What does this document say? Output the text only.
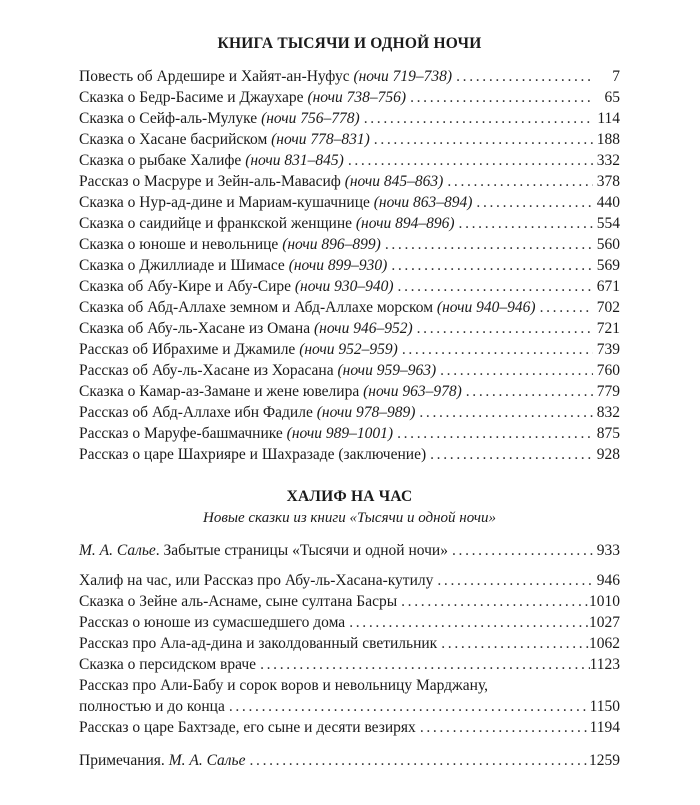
КНИГА ТЫСЯЧИ И ОДНОЙ НОЧИ
Повесть об Ардешире и Хайят-ан-Нуфус (ночи 719–738) . . .	7
Сказка о Бедр-Басиме и Джаухаре (ночи 738–756) . . .	65
Сказка о Сейф-аль-Мулуке (ночи 756–778) . . .	114
Сказка о Хасане басрийском (ночи 778–831) . . .	188
Сказка о рыбаке Халифе (ночи 831–845) . . .	332
Рассказ о Масруре и Зейн-аль-Мавасиф (ночи 845–863) . . .	378
Сказка о Нур-ад-дине и Мариам-кушачнице (ночи 863–894) . . .	440
Сказка о саидийце и франкской женщине (ночи 894–896) . . .	554
Сказка о юноше и невольнице (ночи 896–899) . . .	560
Сказка о Джиллиаде и Шимасе (ночи 899–930) . . .	569
Сказка об Абу-Кире и Абу-Сире (ночи 930–940) . . .	671
Сказка об Абд-Аллахе земном и Абд-Аллахе морском (ночи 940–946) . . .	702
Сказка об Абу-ль-Хасане из Омана (ночи 946–952) . . .	721
Рассказ об Ибрахиме и Джамиле (ночи 952–959) . . .	739
Рассказ об Абу-ль-Хасане из Хорасана (ночи 959–963) . . .	760
Сказка о Камар-аз-Замане и жене ювелира (ночи 963–978) . . .	779
Рассказ об Абд-Аллахе ибн Фадиле (ночи 978–989) . . .	832
Рассказ о Маруфе-башмачнике (ночи 989–1001) . . .	875
Рассказ о царе Шахрияре и Шахразаде (заключение) . . .	928
ХАЛИФ НА ЧАС
Новые сказки из книги «Тысячи и одной ночи»
М. А. Салье. Забытые страницы «Тысячи и одной ночи» . . .	933
Халиф на час, или Рассказ про Абу-ль-Хасана-кутилу . . .	946
Сказка о Зейне аль-Аснаме, сыне султана Басры . . .	1010
Рассказ о юноше из сумасшедшего дома . . .	1027
Рассказ про Ала-ад-дина и заколдованный светильник . . .	1062
Сказка о персидском враче . . .	1123
Рассказ про Али-Бабу и сорок воров и невольницу Марджану,
полностью и до конца . . .	1150
Рассказ о царе Бахтзаде, его сыне и десяти везирях . . .	1194
Примечания. М. А. Салье . . .	1259
